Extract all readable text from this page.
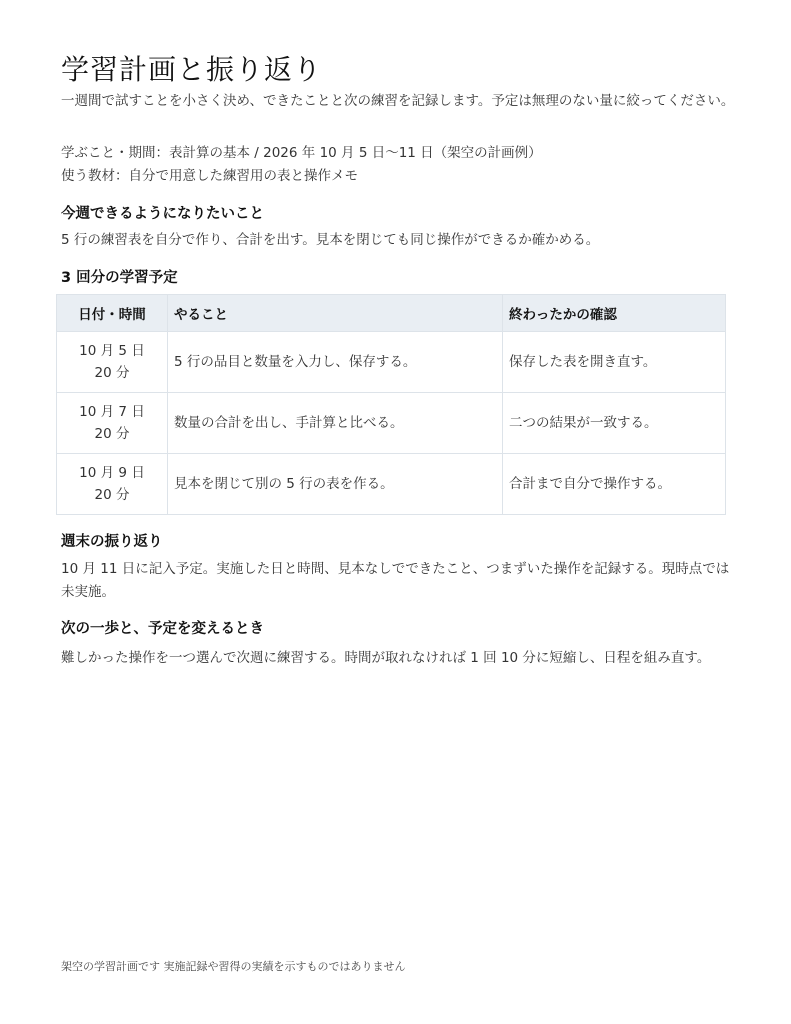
学習計画と振り返り
一週間で試すことを小さく決め、できたことと次の練習を記録します。予定は無理のない量に絞ってください。
学ぶこと・期間：表計算の基本 / 2026 年 10 月 5 日〜11 日（架空の計画例）
使う教材：自分で用意した練習用の表と操作メモ
今週できるようになりたいこと
5 行の練習表を自分で作り、合計を出す。見本を閉じても同じ操作ができるか確かめる。
3 回分の学習予定
日付・時間	やること	終わったかの確認

10 月 5 日
20 分	5 行の品目と数量を入力し、保存する。	保存した表を開き直す。

10 月 7 日
20 分	数量の合計を出し、手計算と比べる。	二つの結果が一致する。

10 月 9 日
20 分	見本を閉じて別の 5 行の表を作る。	合計まで自分で操作する。
週末の振り返り
10 月 11 日に記入予定。実施した日と時間、見本なしでできたこと、つまずいた操作を記録する。現時点では未実施。
次の一歩と、予定を変えるとき
難しかった操作を一つ選んで次週に練習する。時間が取れなければ 1 回 10 分に短縮し、日程を組み直す。
架空の学習計画です 実施記録や習得の実績を示すものではありません
